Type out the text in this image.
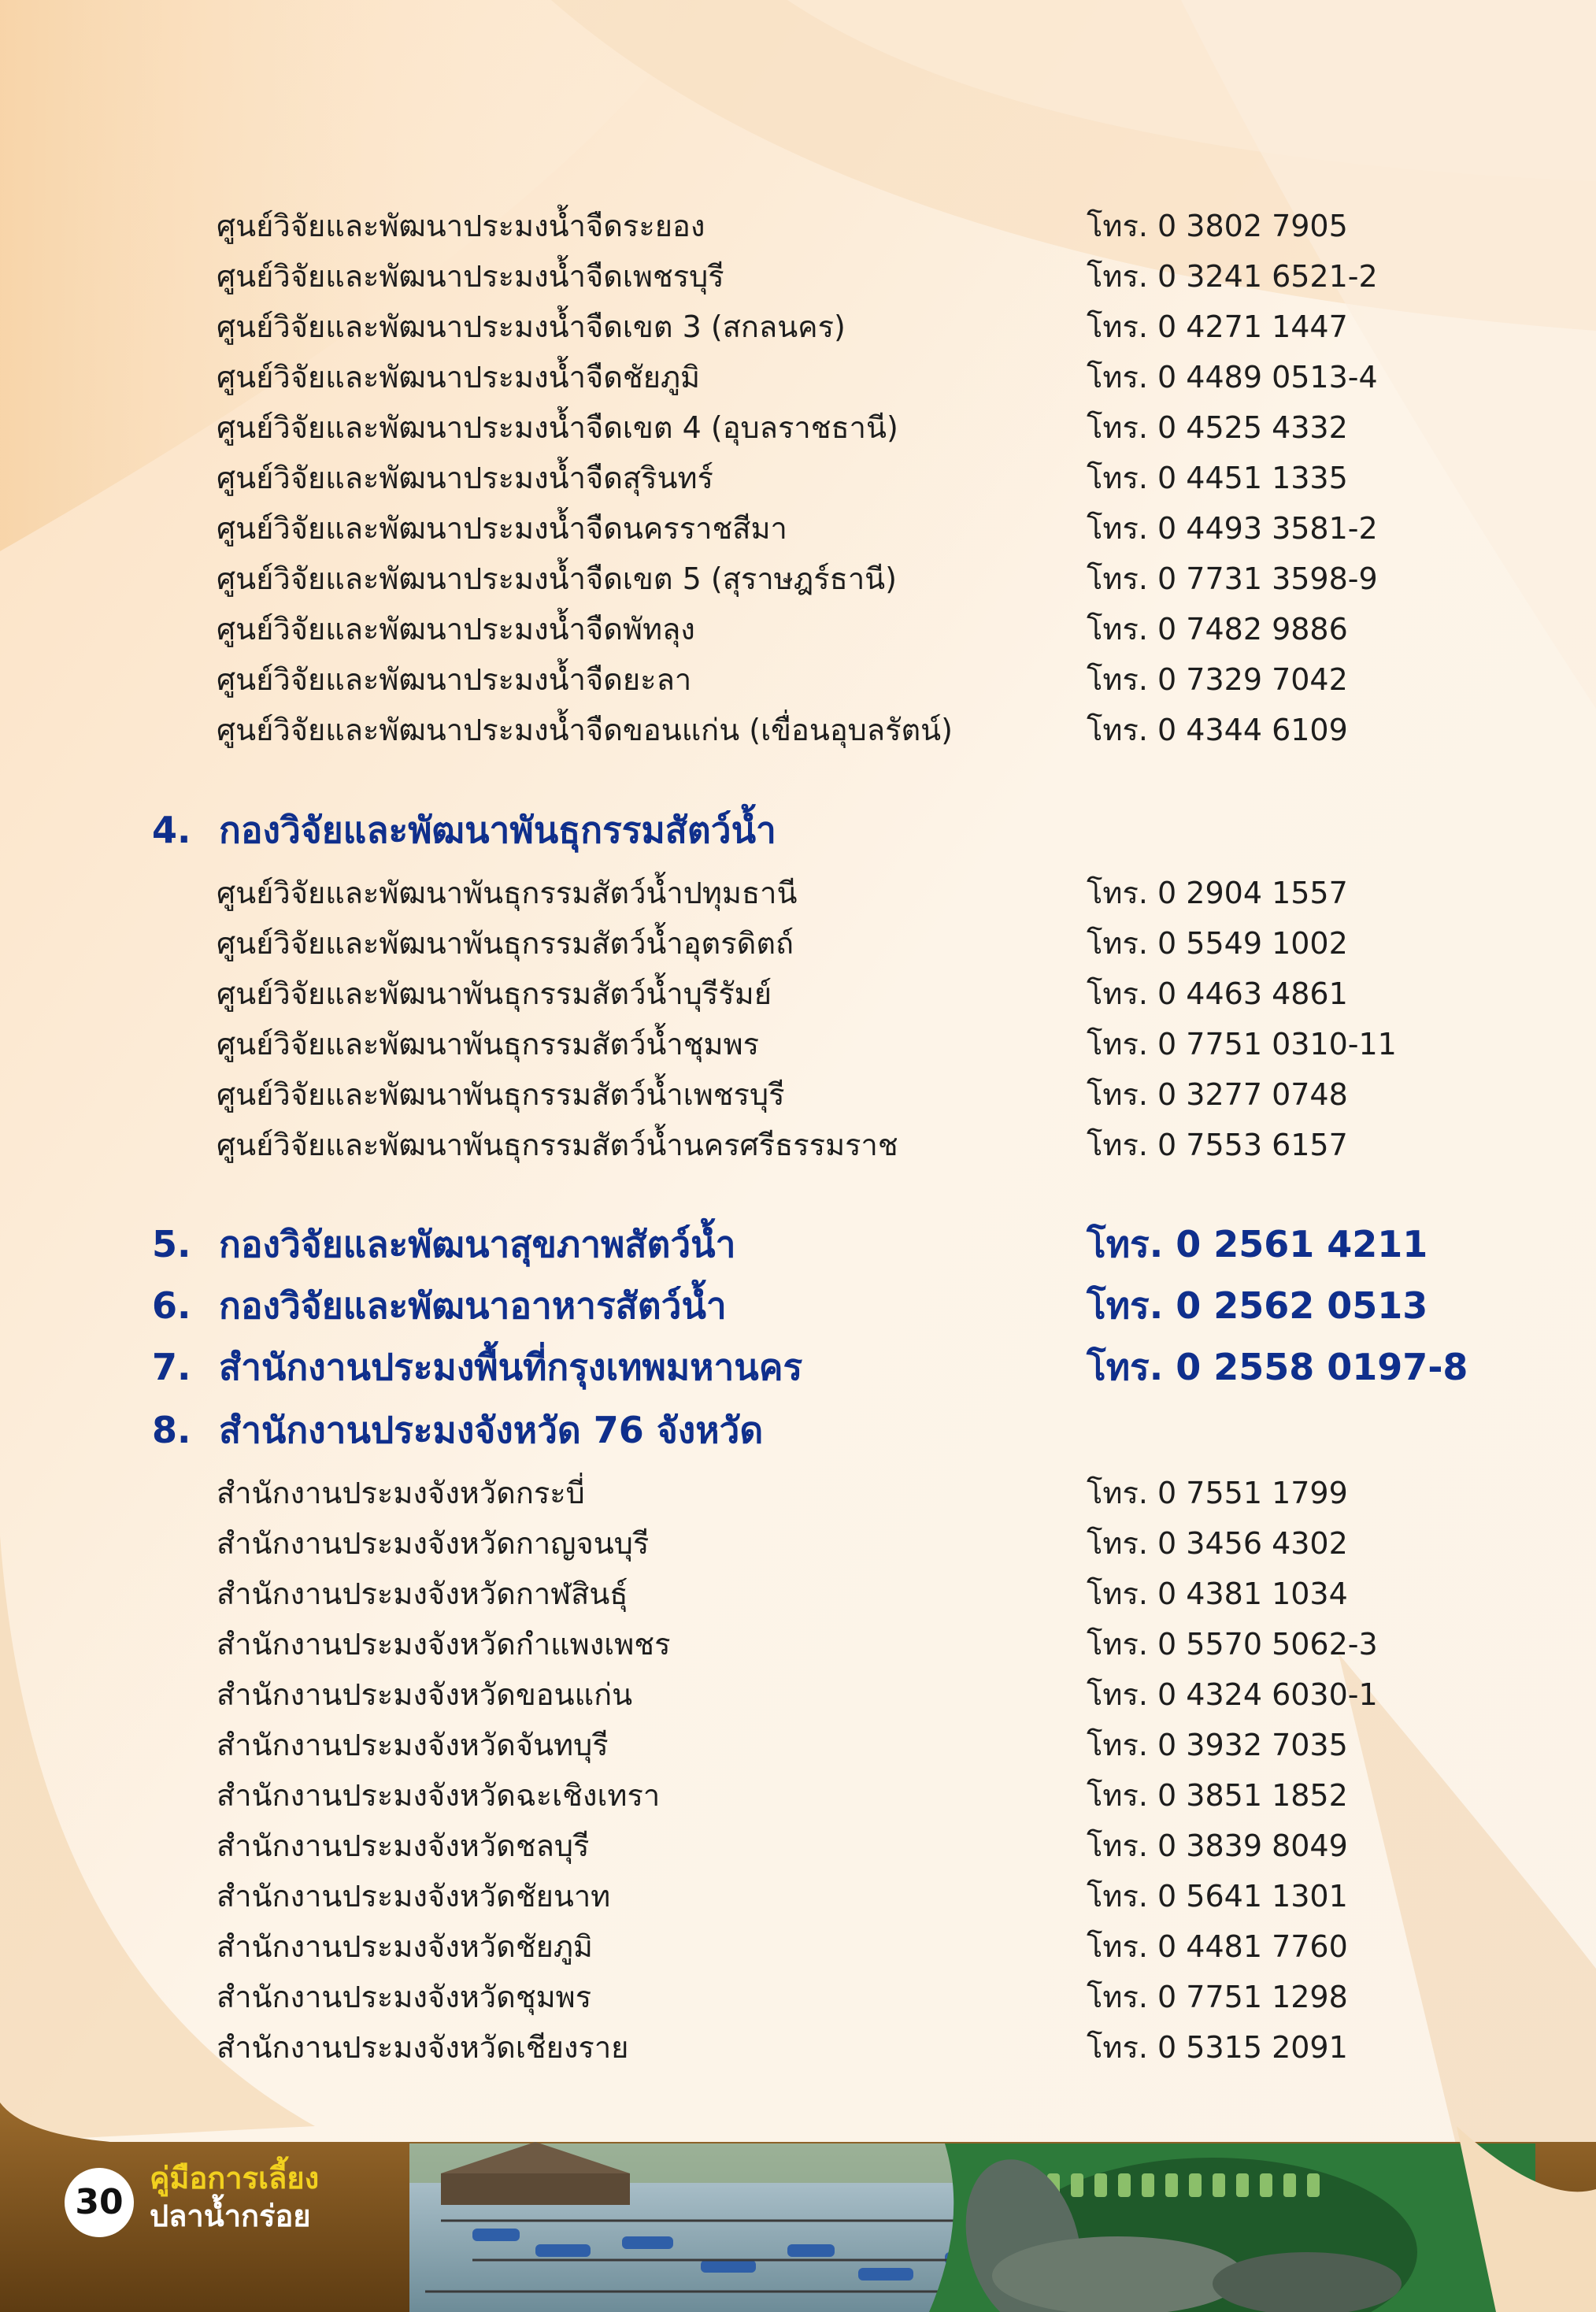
ศูนย์วิจัยและพัฒนาประมงน้ำจืดระยอง	โทร. 0 3802 7905
ศูนย์วิจัยและพัฒนาประมงน้ำจืดเพชรบุรี	โทร. 0 3241 6521-2
ศูนย์วิจัยและพัฒนาประมงน้ำจืดเขต 3 (สกลนคร)	โทร. 0 4271 1447
ศูนย์วิจัยและพัฒนาประมงน้ำจืดชัยภูมิ	โทร. 0 4489 0513-4
ศูนย์วิจัยและพัฒนาประมงน้ำจืดเขต 4 (อุบลราชธานี)	โทร. 0 4525 4332
ศูนย์วิจัยและพัฒนาประมงน้ำจืดสุรินทร์	โทร. 0 4451 1335
ศูนย์วิจัยและพัฒนาประมงน้ำจืดนครราชสีมา	โทร. 0 4493 3581-2
ศูนย์วิจัยและพัฒนาประมงน้ำจืดเขต 5 (สุราษฎร์ธานี)	โทร. 0 7731 3598-9
ศูนย์วิจัยและพัฒนาประมงน้ำจืดพัทลุง	โทร. 0 7482 9886
ศูนย์วิจัยและพัฒนาประมงน้ำจืดยะลา	โทร. 0 7329 7042
ศูนย์วิจัยและพัฒนาประมงน้ำจืดขอนแก่น (เขื่อนอุบลรัตน์)	โทร. 0 4344 6109
4. กองวิจัยและพัฒนาพันธุกรรมสัตว์น้ำ
ศูนย์วิจัยและพัฒนาพันธุกรรมสัตว์น้ำปทุมธานี	โทร. 0 2904 1557
ศูนย์วิจัยและพัฒนาพันธุกรรมสัตว์น้ำอุตรดิตถ์	โทร. 0 5549 1002
ศูนย์วิจัยและพัฒนาพันธุกรรมสัตว์น้ำบุรีรัมย์	โทร. 0 4463 4861
ศูนย์วิจัยและพัฒนาพันธุกรรมสัตว์น้ำชุมพร	โทร. 0 7751 0310-11
ศูนย์วิจัยและพัฒนาพันธุกรรมสัตว์น้ำเพชรบุรี	โทร. 0 3277 0748
ศูนย์วิจัยและพัฒนาพันธุกรรมสัตว์น้ำนครศรีธรรมราช	โทร. 0 7553 6157
5. กองวิจัยและพัฒนาสุขภาพสัตว์น้ำ	โทร. 0 2561 4211
6. กองวิจัยและพัฒนาอาหารสัตว์น้ำ	โทร. 0 2562 0513
7. สำนักงานประมงพื้นที่กรุงเทพมหานคร	โทร. 0 2558 0197-8
8. สำนักงานประมงจังหวัด 76 จังหวัด
สำนักงานประมงจังหวัดกระบี่	โทร. 0 7551 1799
สำนักงานประมงจังหวัดกาญจนบุรี	โทร. 0 3456 4302
สำนักงานประมงจังหวัดกาฬสินธุ์	โทร. 0 4381 1034
สำนักงานประมงจังหวัดกำแพงเพชร	โทร. 0 5570 5062-3
สำนักงานประมงจังหวัดขอนแก่น	โทร. 0 4324 6030-1
สำนักงานประมงจังหวัดจันทบุรี	โทร. 0 3932 7035
สำนักงานประมงจังหวัดฉะเชิงเทรา	โทร. 0 3851 1852
สำนักงานประมงจังหวัดชลบุรี	โทร. 0 3839 8049
สำนักงานประมงจังหวัดชัยนาท	โทร. 0 5641 1301
สำนักงานประมงจังหวัดชัยภูมิ	โทร. 0 4481 7760
สำนักงานประมงจังหวัดชุมพร	โทร. 0 7751 1298
สำนักงานประมงจังหวัดเชียงราย	โทร. 0 5315 2091
30
คู่มือการเลี้ยง
ปลาน้ำกร่อย
